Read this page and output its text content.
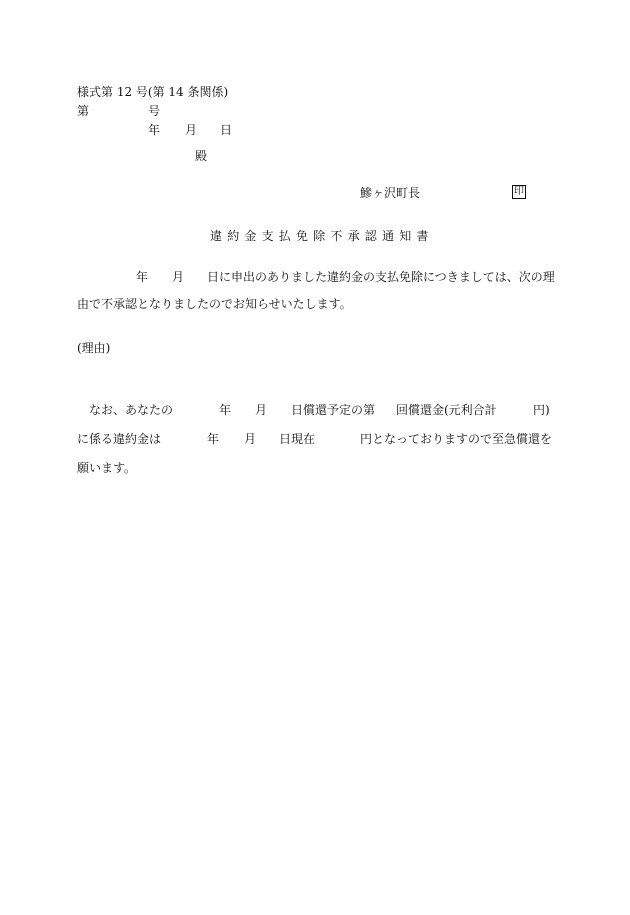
様式第 12 号(第 14 条関係)
第	号
年 月 日
殿
鰺ヶ沢町長	印
違約金支払免除不承認通知書
年 月 日に申出のありました違約金の支払免除につきましては、次の理
由で不承認となりましたのでお知らせいたします。
(理由)
なお、あなたの	年 月 日償還予定の第 回償還金(元利合計	円)
に係る違約金は	年 月 日現在	円となっておりますので至急償還を
願います。
